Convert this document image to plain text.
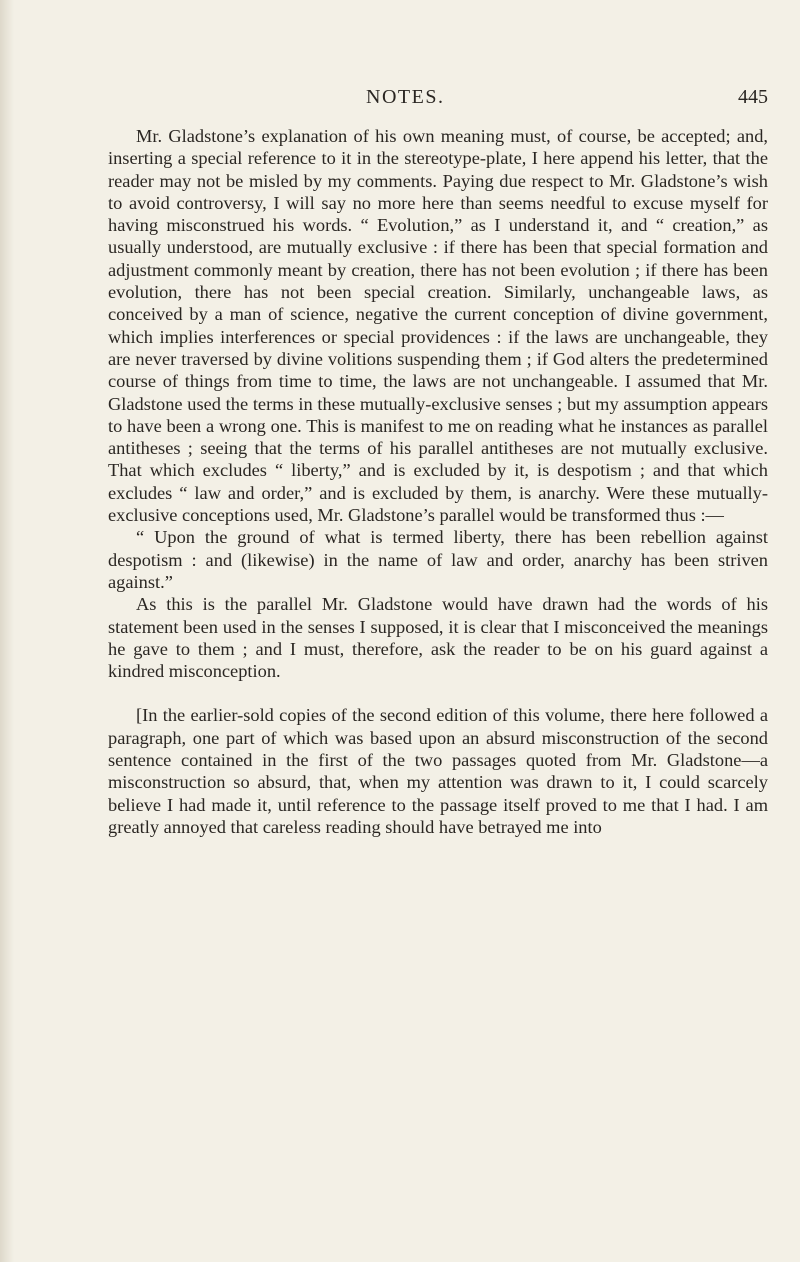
NOTES.	445

Mr. Gladstone’s explanation of his own meaning must, of course, be accepted; and, inserting a special reference to it in the stereotype-plate, I here append his letter, that the reader may not be misled by my comments. Paying due respect to Mr. Gladstone’s wish to avoid controversy, I will say no more here than seems needful to excuse myself for having misconstrued his words. “ Evolution,” as I understand it, and “ creation,” as usually understood, are mutually exclusive : if there has been that special formation and adjustment commonly meant by creation, there has not been evolution ; if there has been evolution, there has not been special creation. Similarly, unchangeable laws, as conceived by a man of science, negative the current conception of divine government, which implies interferences or special providences : if the laws are unchangeable, they are never traversed by divine volitions suspending them ; if God alters the predetermined course of things from time to time, the laws are not unchangeable. I assumed that Mr. Gladstone used the terms in these mutually-exclusive senses ; but my assumption appears to have been a wrong one. This is manifest to me on reading what he instances as parallel antitheses ; seeing that the terms of his parallel antitheses are not mutually exclusive. That which excludes “ liberty,” and is excluded by it, is despotism ; and that which excludes “ law and order,” and is excluded by them, is anarchy. Were these mutually-exclusive conceptions used, Mr. Gladstone’s parallel would be transformed thus :—

“ Upon the ground of what is termed liberty, there has been rebellion against despotism : and (likewise) in the name of law and order, anarchy has been striven against.”

As this is the parallel Mr. Gladstone would have drawn had the words of his statement been used in the senses I supposed, it is clear that I misconceived the meanings he gave to them ; and I must, therefore, ask the reader to be on his guard against a kindred misconception.

[In the earlier-sold copies of the second edition of this volume, there here followed a paragraph, one part of which was based upon an absurd misconstruction of the second sentence contained in the first of the two passages quoted from Mr. Gladstone—a misconstruction so absurd, that, when my attention was drawn to it, I could scarcely believe I had made it, until reference to the passage itself proved to me that I had. I am greatly annoyed that careless reading should have betrayed me into
